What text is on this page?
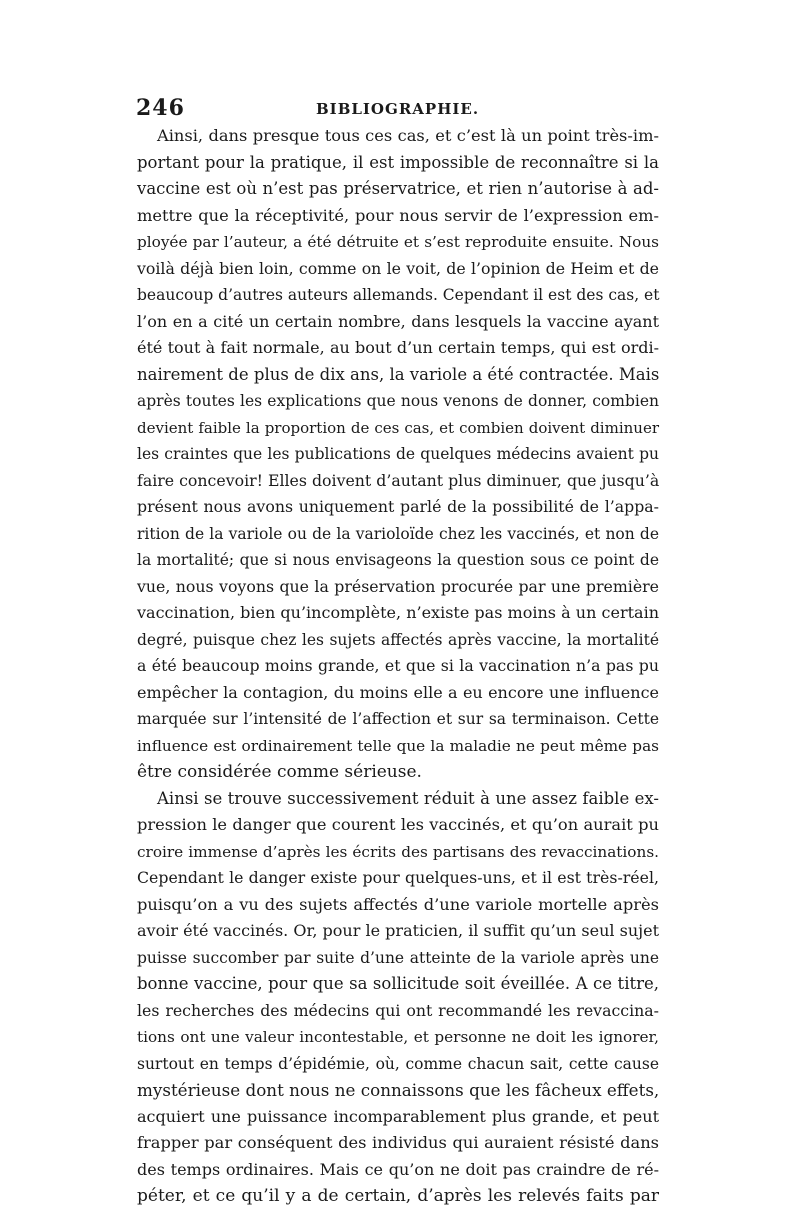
246	BIBLIOGRAPHIE.
Ainsi, dans presque tous ces cas, et c’est là un point très-im-
portant pour la pratique, il est impossible de reconnaître si la
vaccine est où n’est pas préservatrice, et rien n’autorise à ad-
mettre que la réceptivité, pour nous servir de l’expression em-
ployée par l’auteur, a été détruite et s’est reproduite ensuite. Nous
voilà déjà bien loin, comme on le voit, de l’opinion de Heim et de
beaucoup d’autres auteurs allemands. Cependant il est des cas, et
l’on en a cité un certain nombre, dans lesquels la vaccine ayant
été tout à fait normale, au bout d’un certain temps, qui est ordi-
nairement de plus de dix ans, la variole a été contractée. Mais
après toutes les explications que nous venons de donner, combien
devient faible la proportion de ces cas, et combien doivent diminuer
les craintes que les publications de quelques médecins avaient pu
faire concevoir! Elles doivent d’autant plus diminuer, que jusqu’à
présent nous avons uniquement parlé de la possibilité de l’appa-
rition de la variole ou de la varioloïde chez les vaccinés, et non de
la mortalité; que si nous envisageons la question sous ce point de
vue, nous voyons que la préservation procurée par une première
vaccination, bien qu’incomplète, n’existe pas moins à un certain
degré, puisque chez les sujets affectés après vaccine, la mortalité
a été beaucoup moins grande, et que si la vaccination n’a pas pu
empêcher la contagion, du moins elle a eu encore une influence
marquée sur l’intensité de l’affection et sur sa terminaison. Cette
influence est ordinairement telle que la maladie ne peut même pas
être considérée comme sérieuse.
Ainsi se trouve successivement réduit à une assez faible ex-
pression le danger que courent les vaccinés, et qu’on aurait pu
croire immense d’après les écrits des partisans des revaccinations.
Cependant le danger existe pour quelques-uns, et il est très-réel,
puisqu’on a vu des sujets affectés d’une variole mortelle après
avoir été vaccinés. Or, pour le praticien, il suffit qu’un seul sujet
puisse succomber par suite d’une atteinte de la variole après une
bonne vaccine, pour que sa sollicitude soit éveillée. A ce titre,
les recherches des médecins qui ont recommandé les revaccina-
tions ont une valeur incontestable, et personne ne doit les ignorer,
surtout en temps d’épidémie, où, comme chacun sait, cette cause
mystérieuse dont nous ne connaissons que les fâcheux effets,
acquiert une puissance incomparablement plus grande, et peut
frapper par conséquent des individus qui auraient résisté dans
des temps ordinaires. Mais ce qu’on ne doit pas craindre de ré-
péter, et ce qu’il y a de certain, d’après les relevés faits par
